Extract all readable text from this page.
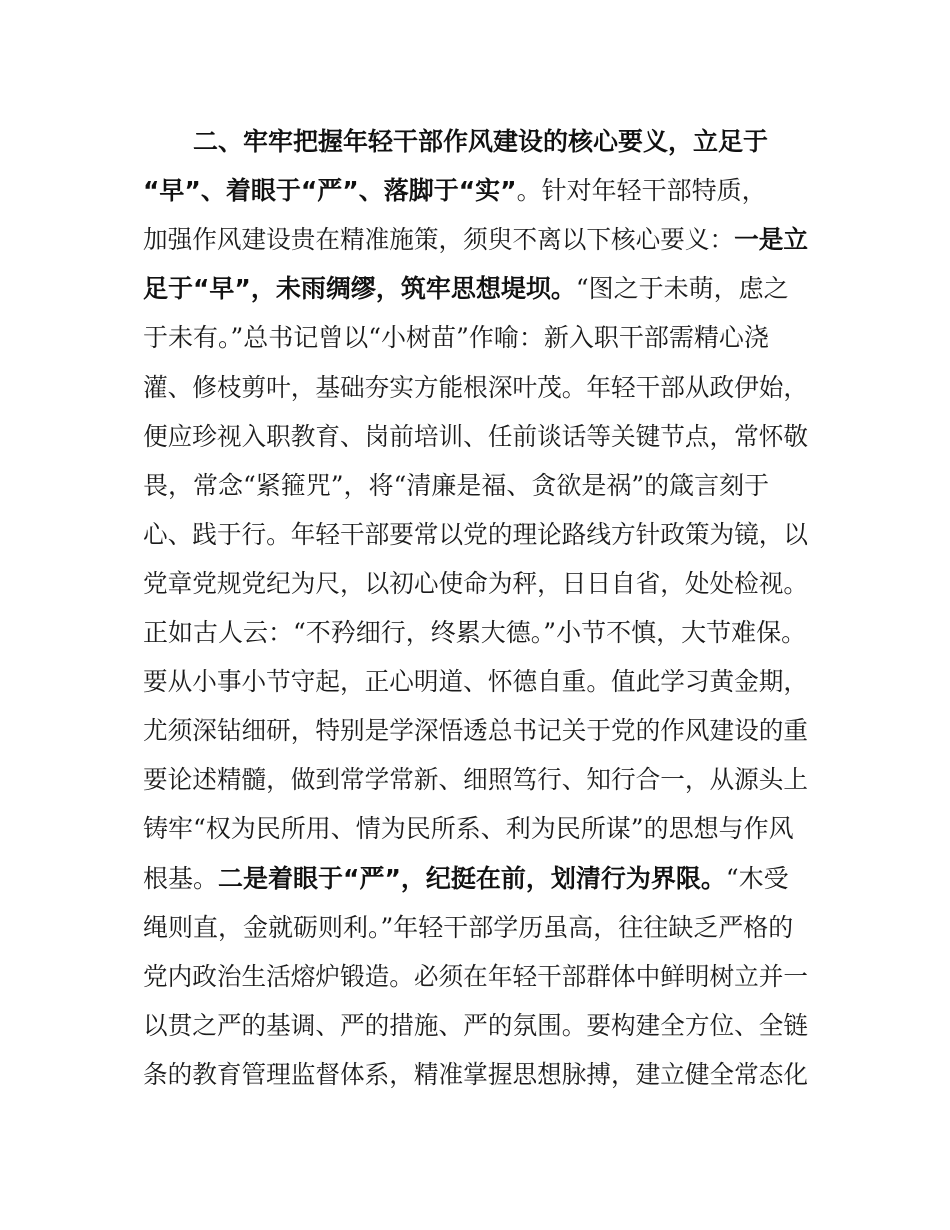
二、牢牢把握年轻干部作风建设的核心要义，立足于
“早”、着眼于“严”、落脚于“实”。针对年轻干部特质，
加强作风建设贵在精准施策，须臾不离以下核心要义：一是立
足于“早”，未雨绸缪，筑牢思想堤坝。“图之于未萌，虑之
于未有。”总书记曾以“小树苗”作喻：新入职干部需精心浇
灌、修枝剪叶，基础夯实方能根深叶茂。年轻干部从政伊始，
便应珍视入职教育、岗前培训、任前谈话等关键节点，常怀敬
畏，常念“紧箍咒”，将“清廉是福、贪欲是祸”的箴言刻于
心、践于行。年轻干部要常以党的理论路线方针政策为镜，以
党章党规党纪为尺，以初心使命为秤，日日自省，处处检视。
正如古人云：“不矜细行，终累大德。”小节不慎，大节难保。
要从小事小节守起，正心明道、怀德自重。值此学习黄金期，
尤须深钻细研，特别是学深悟透总书记关于党的作风建设的重
要论述精髓，做到常学常新、细照笃行、知行合一，从源头上
铸牢“权为民所用、情为民所系、利为民所谋”的思想与作风
根基。二是着眼于“严”，纪挺在前，划清行为界限。“木受
绳则直，金就砺则利。”年轻干部学历虽高，往往缺乏严格的
党内政治生活熔炉锻造。必须在年轻干部群体中鲜明树立并一
以贯之严的基调、严的措施、严的氛围。要构建全方位、全链
条的教育管理监督体系，精准掌握思想脉搏，建立健全常态化
